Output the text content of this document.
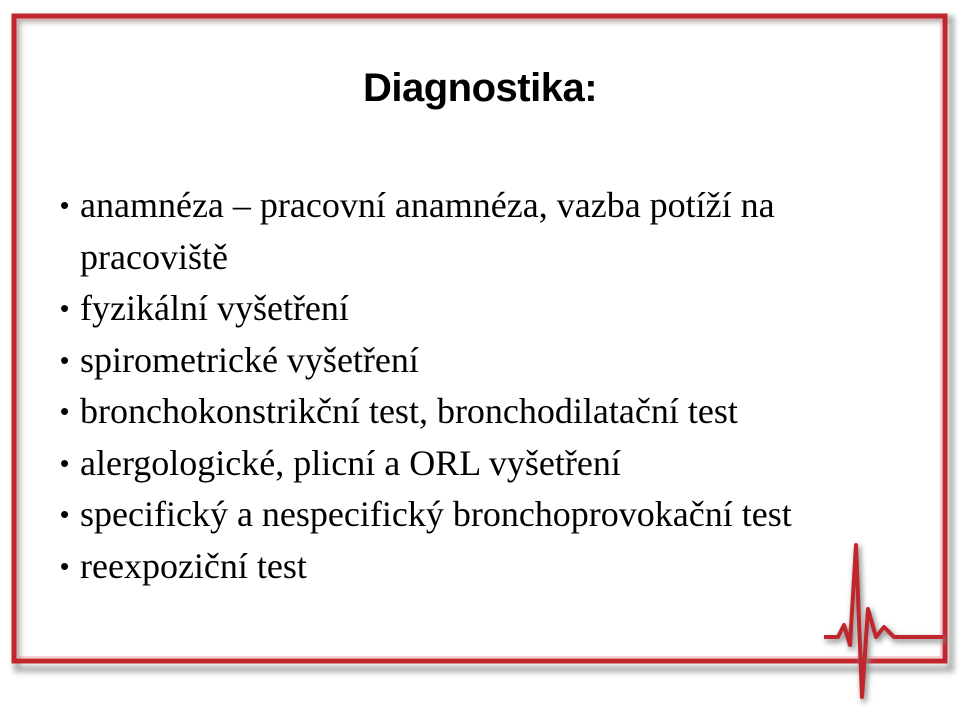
Diagnostika:
• anamnéza – pracovní anamnéza, vazba potíží na pracoviště
• fyzikální vyšetření
• spirometrické vyšetření
• bronchokonstrikční test, bronchodilatační test
• alergologické, plicní a ORL vyšetření
• specifický a nespecifický bronchoprovokační test
• reexpoziční test
